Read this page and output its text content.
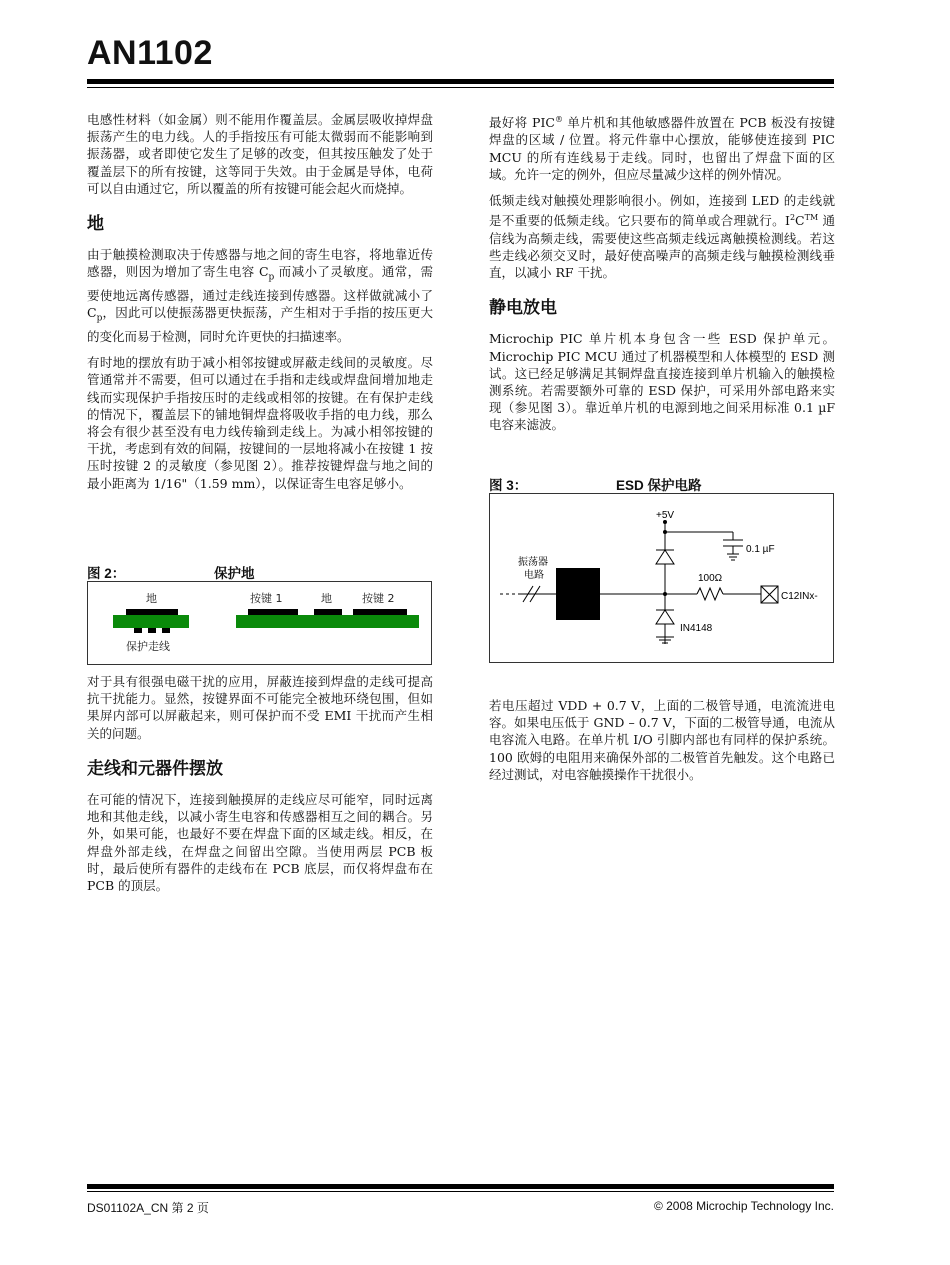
AN1102

电感性材料（如金属）则不能用作覆盖层。金属层吸收掉焊盘振荡产生的电力线。人的手指按压有可能太微弱而不能影响到振荡器，或者即使它发生了足够的改变，但其按压触发了处于覆盖层下的所有按键，这等同于失效。由于金属是导体，电荷可以自由通过它，所以覆盖的所有按键可能会起火而烧掉。

地

由于触摸检测取决于传感器与地之间的寄生电容，将地靠近传感器，则因为增加了寄生电容 $C_p$ 而减小了灵敏度。通常，需要使地远离传感器，通过走线连接到传感器。这样做就减小了 $C_p$，因此可以使振荡器更快振荡，产生相对于手指的按压更大的变化而易于检测，同时允许更快的扫描速率。

有时地的摆放有助于减小相邻按键或屏蔽走线间的灵敏度。尽管通常并不需要，但可以通过在手指和走线或焊盘间增加地走线而实现保护手指按压时的走线或相邻的按键。在有保护走线的情况下，覆盖层下的铺地铜焊盘将吸收手指的电力线，那么将会有很少甚至没有电力线传输到走线上。为减小相邻按键的干扰，考虑到有效的间隔，按键间的一层地将减小在按键 1 按压时按键 2 的灵敏度（参见图 2）。推荐按键焊盘与地之间的最小距离为 1/16"（1.59 mm），以保证寄生电容足够小。

图 2：	保护地
地
保护走线
按键 1	地	按键 2

对于具有很强电磁干扰的应用，屏蔽连接到焊盘的走线可提高抗干扰能力。显然，按键界面不可能完全被地环绕包围，但如果屏内部可以屏蔽起来，则可保护而不受 EMI 干扰而产生相关的问题。

走线和元器件摆放

在可能的情况下，连接到触摸屏的走线应尽可能窄，同时远离地和其他走线，以减小寄生电容和传感器相互之间的耦合。另外，如果可能，也最好不要在焊盘下面的区域走线。相反，在焊盘外部走线，在焊盘之间留出空隙。当使用两层 PCB 板时，最后使所有器件的走线布在 PCB 底层，而仅将焊盘布在 PCB 的顶层。

最好将 PIC® 单片机和其他敏感器件放置在 PCB 板没有按键焊盘的区域 / 位置。将元件靠中心摆放，能够使连接到 PIC MCU 的所有连线易于走线。同时，也留出了焊盘下面的区域。允许一定的例外，但应尽量减少这样的例外情况。

低频走线对触摸处理影响很小。例如，连接到 LED 的走线就是不重要的低频走线。它只要布的简单或合理就行。$I^2C™$ 通信线为高频走线，需要使这些高频走线远离触摸检测线。若这些走线必须交叉时，最好使高噪声的高频走线与触摸检测线垂直，以减小 RF 干扰。

静电放电

Microchip PIC 单片机本身包含一些 ESD 保护单元。Microchip PIC MCU 通过了机器模型和人体模型的 ESD 测试。这已经足够满足其铜焊盘直接连接到单片机输入的触摸检测系统。若需要额外可靠的 ESD 保护，可采用外部电路来实现（参见图 3）。靠近单片机的电源到地之间采用标准 0.1 µF 电容来滤波。

图 3：	ESD 保护电路
+5V
0.1 µF
振荡器
电路	100Ω
C12INx-
IN4148

若电压超过 VDD + 0.7 V，上面的二极管导通，电流流进电容。如果电压低于 GND – 0.7 V，下面的二极管导通，电流从电容流入电路。在单片机 I/O 引脚内部也有同样的保护系统。100 欧姆的电阻用来确保外部的二极管首先触发。这个电路已经过测试，对电容触摸操作干扰很小。

DS01102A_CN 第 2 页	© 2008 Microchip Technology Inc.
